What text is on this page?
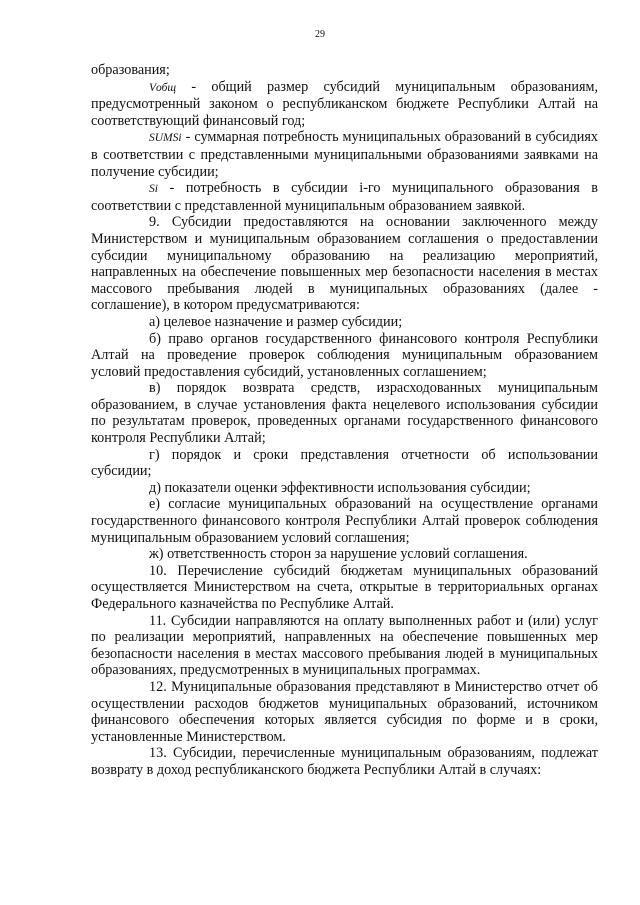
29

образования;

Vобщ - общий размер субсидий муниципальным образованиям, предусмотренный законом о республиканском бюджете Республики Алтай на соответствующий финансовый год;

SUMSi - суммарная потребность муниципальных образований в субсидиях в соответствии с представленными муниципальными образованиями заявками на получение субсидии;

Si - потребность в субсидии i-го муниципального образования в соответствии с представленной муниципальным образованием заявкой.

9. Субсидии предоставляются на основании заключенного между Министерством и муниципальным образованием соглашения о предоставлении субсидии муниципальному образованию на реализацию мероприятий, направленных на обеспечение повышенных мер безопасности населения в местах массового пребывания людей в муниципальных образованиях (далее - соглашение), в котором предусматриваются:

а) целевое назначение и размер субсидии;

б) право органов государственного финансового контроля Республики Алтай на проведение проверок соблюдения муниципальным образованием условий предоставления субсидий, установленных соглашением;

в) порядок возврата средств, израсходованных муниципальным образованием, в случае установления факта нецелевого использования субсидии по результатам проверок, проведенных органами государственного финансового контроля Республики Алтай;

г) порядок и сроки представления отчетности об использовании субсидии;

д) показатели оценки эффективности использования субсидии;

е) согласие муниципальных образований на осуществление органами государственного финансового контроля Республики Алтай проверок соблюдения муниципальным образованием условий соглашения;

ж) ответственность сторон за нарушение условий соглашения.

10. Перечисление субсидий бюджетам муниципальных образований осуществляется Министерством на счета, открытые в территориальных органах Федерального казначейства по Республике Алтай.

11. Субсидии направляются на оплату выполненных работ и (или) услуг по реализации мероприятий, направленных на обеспечение повышенных мер безопасности населения в местах массового пребывания людей в муниципальных образованиях, предусмотренных в муниципальных программах.

12. Муниципальные образования представляют в Министерство отчет об осуществлении расходов бюджетов муниципальных образований, источником финансового обеспечения которых является субсидия по форме и в сроки, установленные Министерством.

13. Субсидии, перечисленные муниципальным образованиям, подлежат возврату в доход республиканского бюджета Республики Алтай в случаях:
